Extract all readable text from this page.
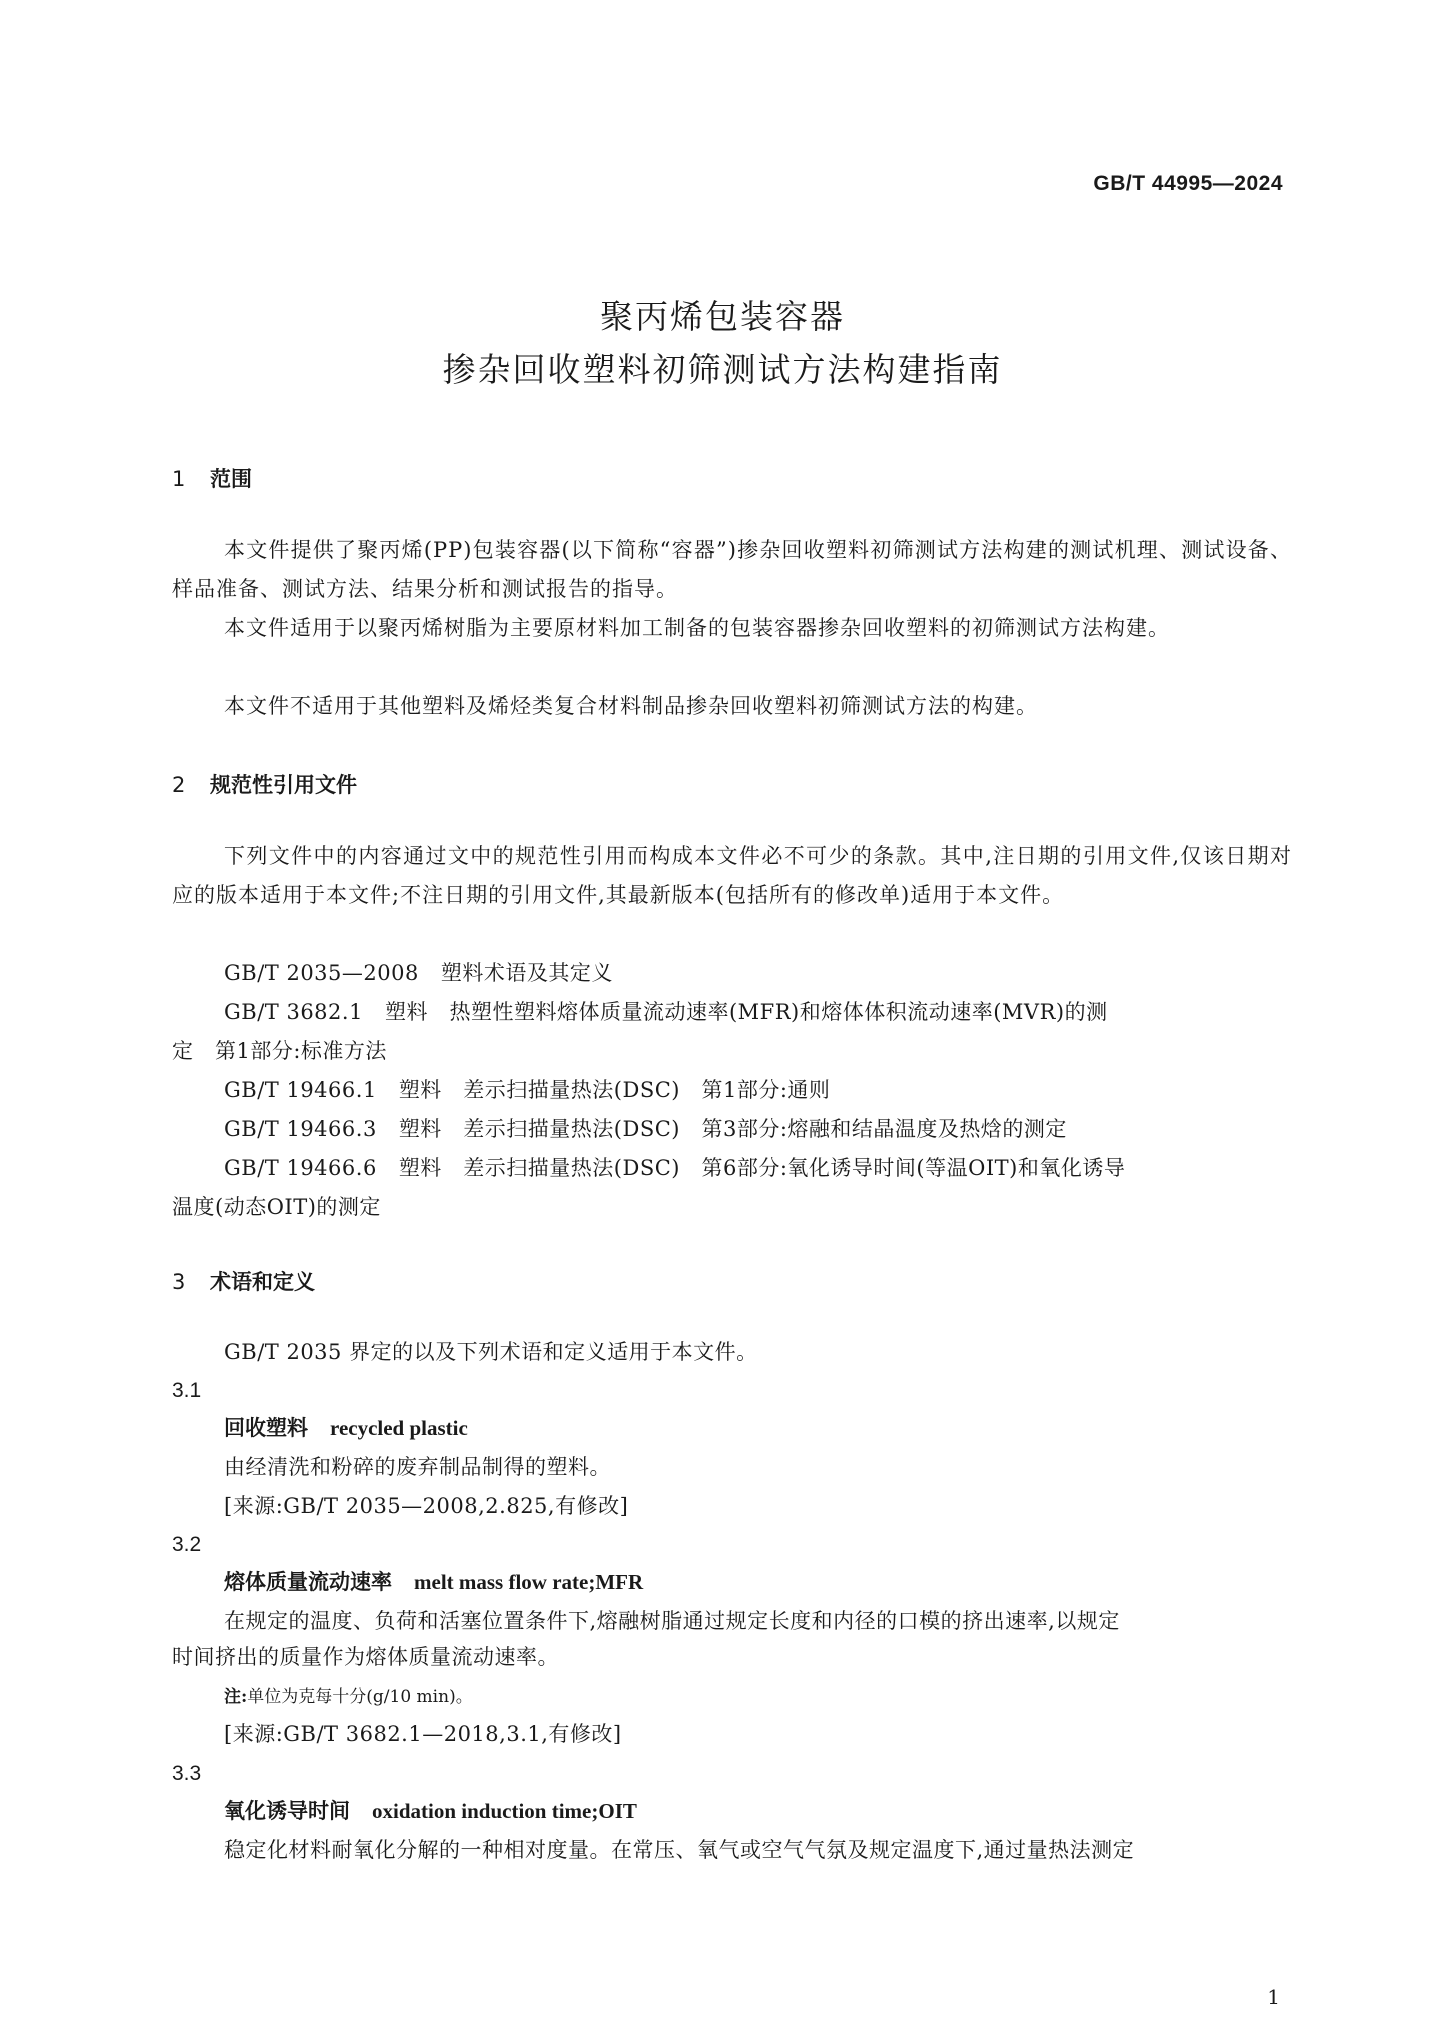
GB/T 44995—2024
聚丙烯包装容器
掺杂回收塑料初筛测试方法构建指南
1 范围
本文件提供了聚丙烯(PP)包装容器(以下简称“容器”)掺杂回收塑料初筛测试方法构建的测试机理、测试设备、样品准备、测试方法、结果分析和测试报告的指导。
本文件适用于以聚丙烯树脂为主要原材料加工制备的包装容器掺杂回收塑料的初筛测试方法构建。
本文件不适用于其他塑料及烯烃类复合材料制品掺杂回收塑料初筛测试方法的构建。
2 规范性引用文件
下列文件中的内容通过文中的规范性引用而构成本文件必不可少的条款。其中,注日期的引用文件,仅该日期对应的版本适用于本文件;不注日期的引用文件,其最新版本(包括所有的修改单)适用于本文件。
GB/T 2035—2008 塑料术语及其定义
GB/T 3682.1 塑料　热塑性塑料熔体质量流动速率(MFR)和熔体体积流动速率(MVR)的测
定　第1部分:标准方法
GB/T 19466.1 塑料　差示扫描量热法(DSC)　第1部分:通则
GB/T 19466.3 塑料　差示扫描量热法(DSC)　第3部分:熔融和结晶温度及热焓的测定
GB/T 19466.6 塑料　差示扫描量热法(DSC)　第6部分:氧化诱导时间(等温OIT)和氧化诱导
温度(动态OIT)的测定
3 术语和定义
GB/T 2035 界定的以及下列术语和定义适用于本文件。
3.1
回收塑料 recycled plastic
由经清洗和粉碎的废弃制品制得的塑料。
[来源:GB/T 2035—2008,2.825,有修改]
3.2
熔体质量流动速率 melt mass flow rate;MFR
在规定的温度、负荷和活塞位置条件下,熔融树脂通过规定长度和内径的口模的挤出速率,以规定
时间挤出的质量作为熔体质量流动速率。
注:单位为克每十分(g/10 min)。
[来源:GB/T 3682.1—2018,3.1,有修改]
3.3
氧化诱导时间 oxidation induction time;OIT
稳定化材料耐氧化分解的一种相对度量。在常压、氧气或空气气氛及规定温度下,通过量热法测定
1
